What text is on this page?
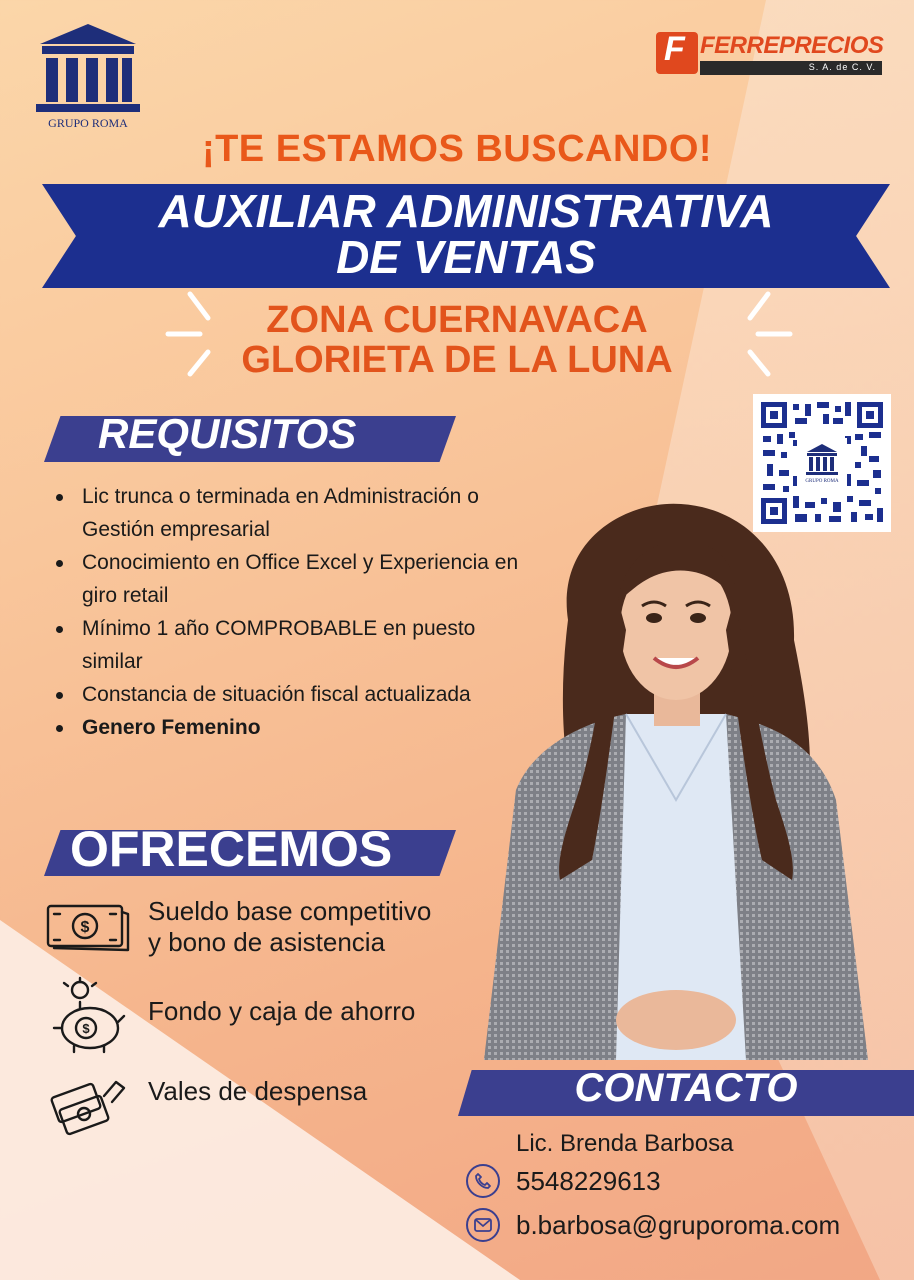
GRUPO ROMA
F FERREPRECIOS
S. A. de C. V.
¡TE ESTAMOS BUSCANDO!
AUXILIAR ADMINISTRATIVA
DE VENTAS
ZONA CUERNAVACA
GLORIETA DE LA LUNA
GRUPO ROMA
REQUISITOS
Lic trunca o terminada en Administración o Gestión empresarial
Conocimiento en Office Excel y Experiencia en giro retail
Mínimo 1 año COMPROBABLE en puesto similar
Constancia de situación fiscal actualizada
Genero Femenino
OFRECEMOS
$
Sueldo base competitivo
y bono de asistencia
$
Fondo y caja de ahorro
Vales de despensa	CONTACTO
Lic. Brenda Barbosa
5548229613
b.barbosa@gruporoma.com
